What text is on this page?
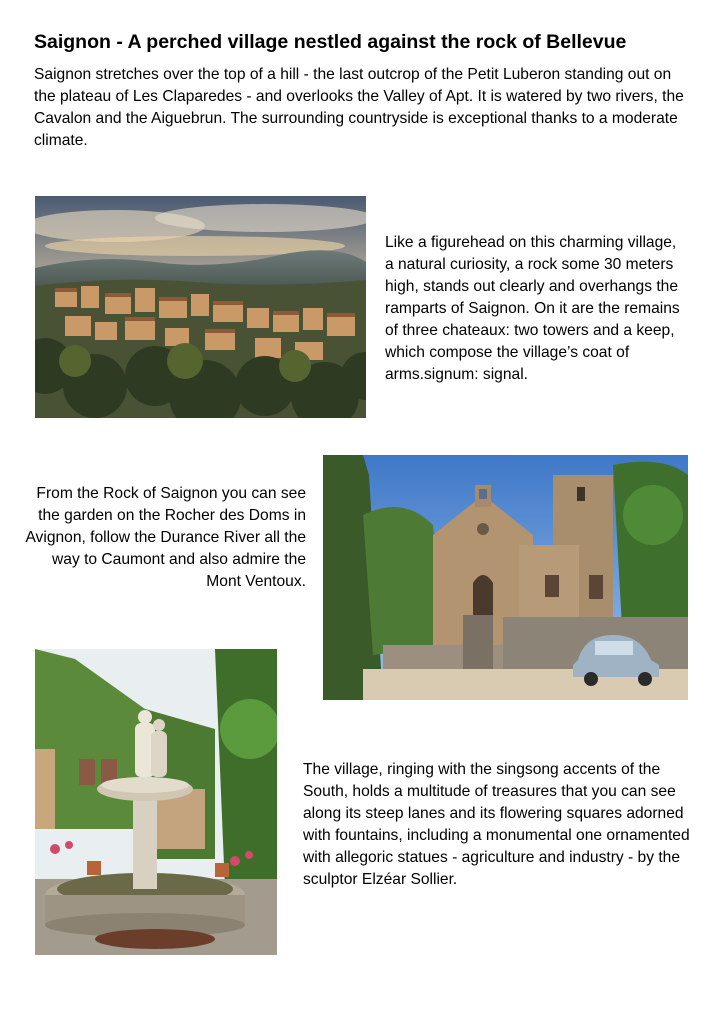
Saignon - A perched village nestled against the rock of Bellevue

Saignon stretches over the top of a hill - the last outcrop of the Petit Luberon standing out on the plateau of Les Claparedes - and overlooks the Valley of Apt. It is watered by two rivers, the Cavalon and the Aiguebrun. The surrounding countryside is exceptional thanks to a moderate climate.

Like a figurehead on this charming village, a natural curiosity, a rock some 30 meters high, stands out clearly and overhangs the ramparts of Saignon. On it are the remains of three chateaux: two towers and a keep, which compose the village’s coat of arms.signum: signal.

From the Rock of Saignon you can see the garden on the Rocher des Doms in Avignon, follow the Durance River all the way to Caumont and also admire the Mont Ventoux.

The village, ringing with the singsong accents of the South, holds a multitude of treasures that you can see along its steep lanes and its flowering squares adorned with fountains, including a monumental one ornamented with allegoric statues - agriculture and industry - by the sculptor Elzéar Sollier.
